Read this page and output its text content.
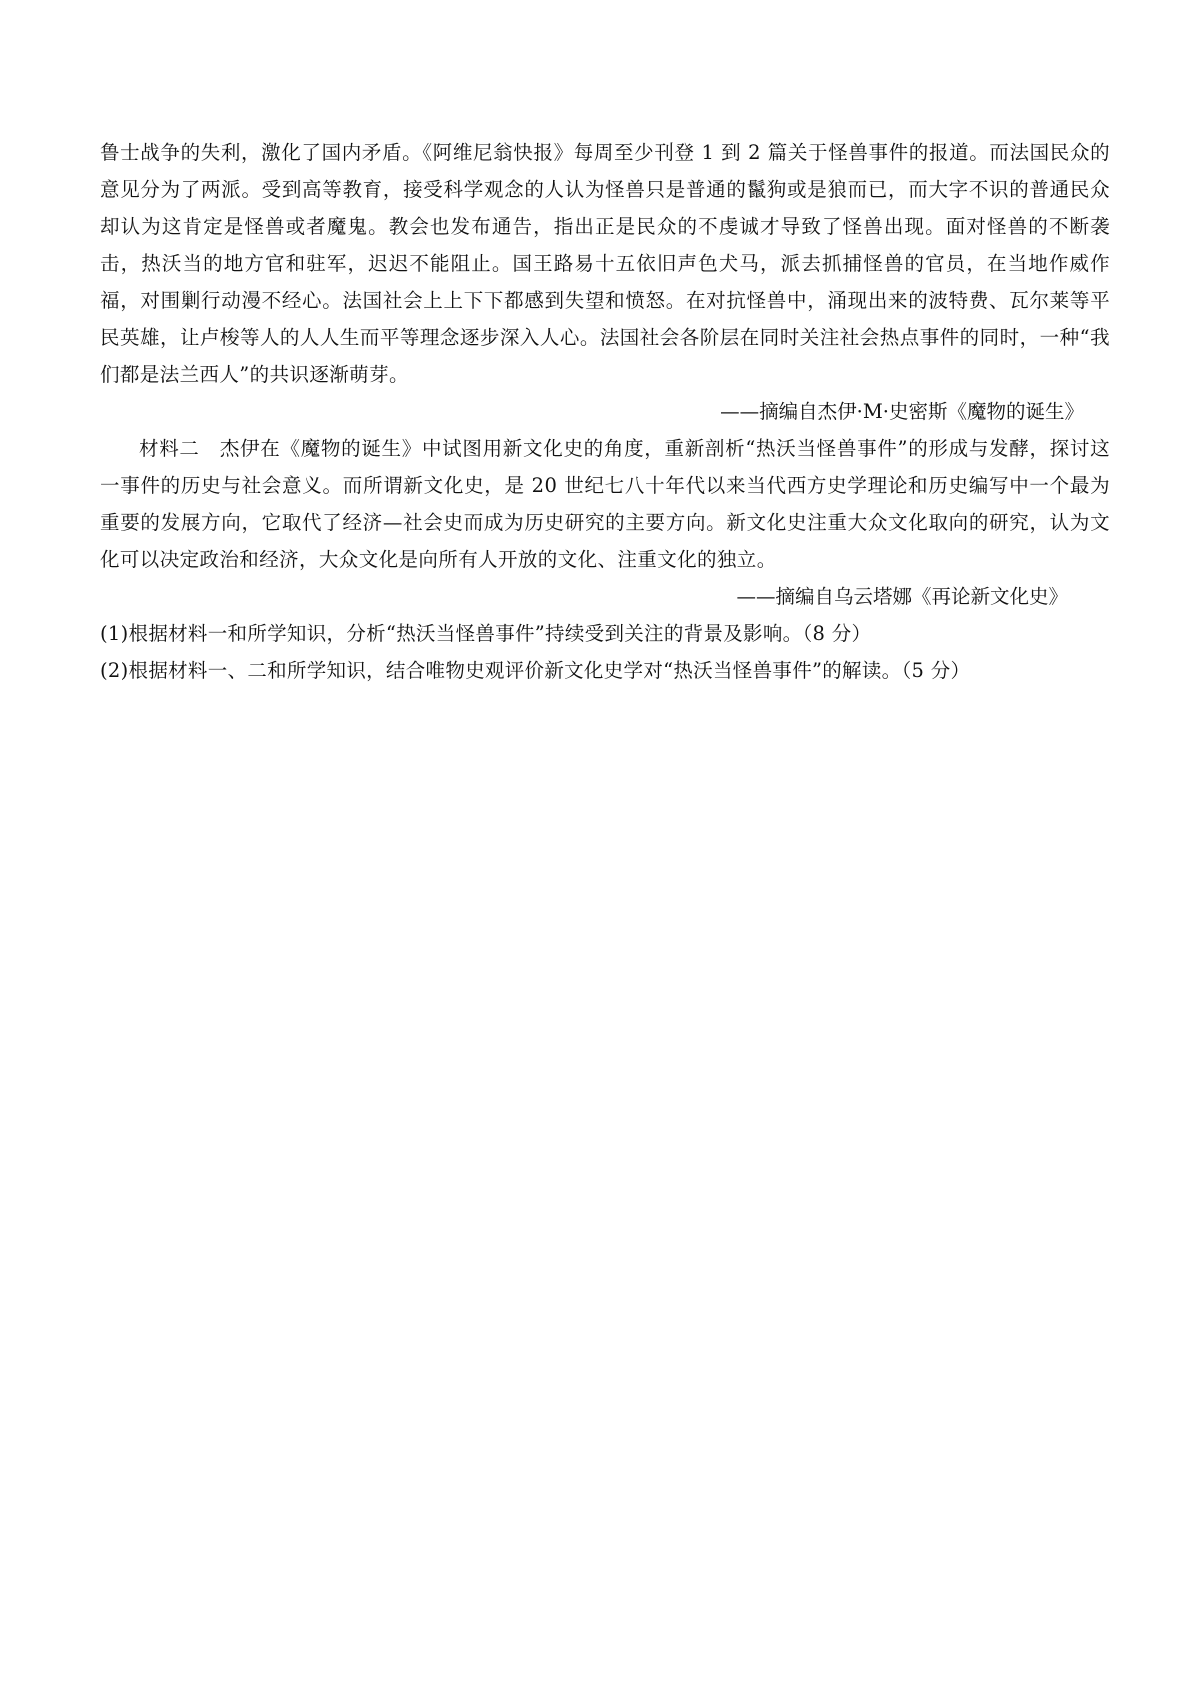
鲁士战争的失利，激化了国内矛盾。《阿维尼翁快报》每周至少刊登 1 到 2 篇关于怪兽事件的报道。而法国民众的意见分为了两派。受到高等教育，接受科学观念的人认为怪兽只是普通的鬣狗或是狼而已，而大字不识的普通民众却认为这肯定是怪兽或者魔鬼。教会也发布通告，指出正是民众的不虔诚才导致了怪兽出现。面对怪兽的不断袭击，热沃当的地方官和驻军，迟迟不能阻止。国王路易十五依旧声色犬马，派去抓捕怪兽的官员，在当地作威作福，对围剿行动漫不经心。法国社会上上下下都感到失望和愤怒。在对抗怪兽中，涌现出来的波特费、瓦尔莱等平民英雄，让卢梭等人的人人生而平等理念逐步深入人心。法国社会各阶层在同时关注社会热点事件的同时，一种“我们都是法兰西人”的共识逐渐萌芽。

——摘编自杰伊·M·史密斯《魔物的诞生》

材料二　杰伊在《魔物的诞生》中试图用新文化史的角度，重新剖析“热沃当怪兽事件”的形成与发酵，探讨这一事件的历史与社会意义。而所谓新文化史，是 20 世纪七八十年代以来当代西方史学理论和历史编写中一个最为重要的发展方向，它取代了经济—社会史而成为历史研究的主要方向。新文化史注重大众文化取向的研究，认为文化可以决定政治和经济，大众文化是向所有人开放的文化、注重文化的独立。

——摘编自乌云塔娜《再论新文化史》

(1)根据材料一和所学知识，分析“热沃当怪兽事件”持续受到关注的背景及影响。（8 分）

(2)根据材料一、二和所学知识，结合唯物史观评价新文化史学对“热沃当怪兽事件”的解读。（5 分）
